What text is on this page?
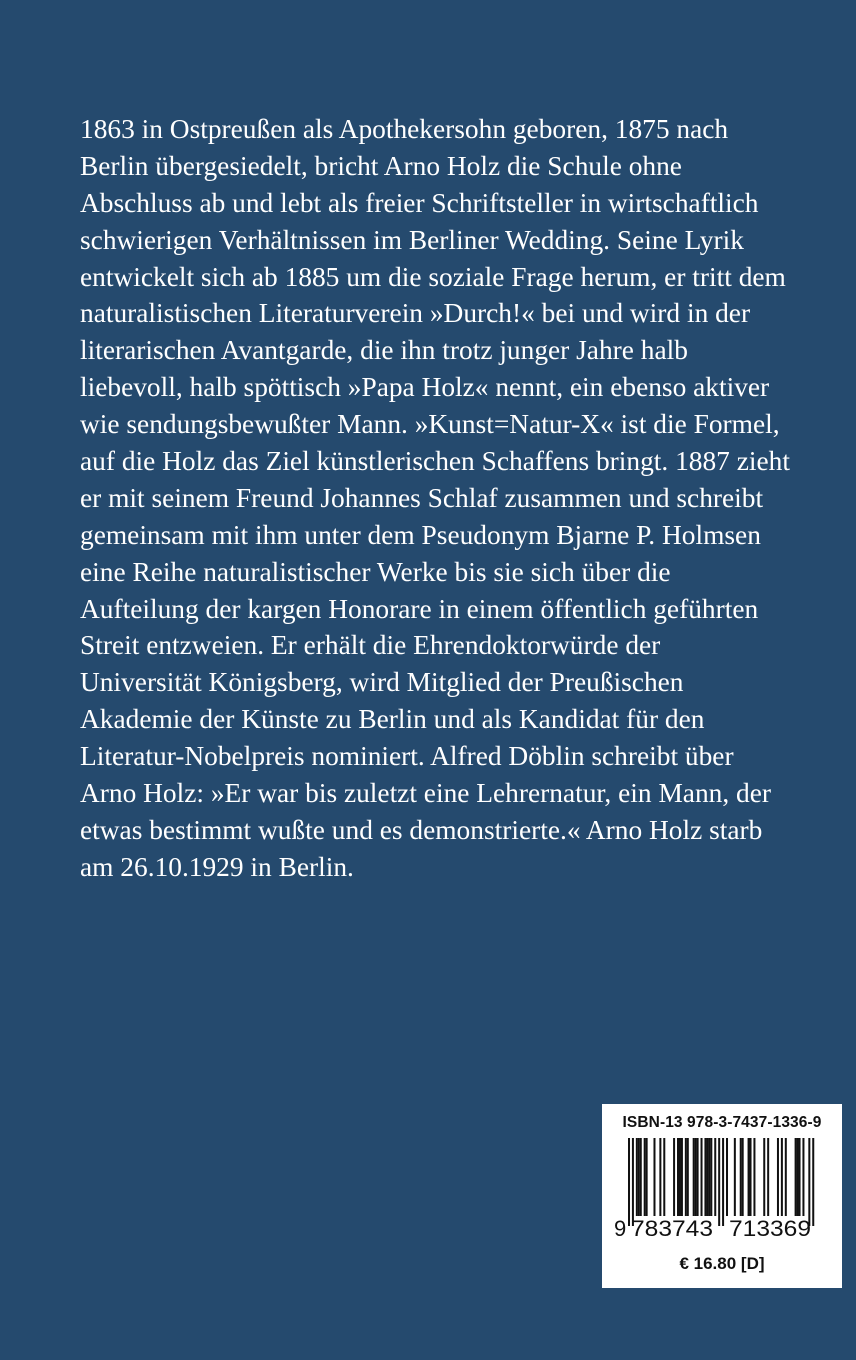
1863 in Ostpreußen als Apothekersohn geboren, 1875 nach
Berlin übergesiedelt, bricht Arno Holz die Schule ohne
Abschluss ab und lebt als freier Schriftsteller in wirtschaftlich
schwierigen Verhältnissen im Berliner Wedding. Seine Lyrik
entwickelt sich ab 1885 um die soziale Frage herum, er tritt dem
naturalistischen Literaturverein »Durch!« bei und wird in der
literarischen Avantgarde, die ihn trotz junger Jahre halb
liebevoll, halb spöttisch »Papa Holz« nennt, ein ebenso aktiver
wie sendungsbewußter Mann. »Kunst=Natur-X« ist die Formel,
auf die Holz das Ziel künstlerischen Schaffens bringt. 1887 zieht
er mit seinem Freund Johannes Schlaf zusammen und schreibt
gemeinsam mit ihm unter dem Pseudonym Bjarne P. Holmsen
eine Reihe naturalistischer Werke bis sie sich über die
Aufteilung der kargen Honorare in einem öffentlich geführten
Streit entzweien. Er erhält die Ehrendoktorwürde der
Universität Königsberg, wird Mitglied der Preußischen
Akademie der Künste zu Berlin und als Kandidat für den
Literatur-Nobelpreis nominiert. Alfred Döblin schreibt über
Arno Holz: »Er war bis zuletzt eine Lehrernatur, ein Mann, der
etwas bestimmt wußte und es demonstrierte.« Arno Holz starb
am 26.10.1929 in Berlin.
ISBN-13 978-3-7437-1336-9
9 783743 713369
€ 16.80 [D]
